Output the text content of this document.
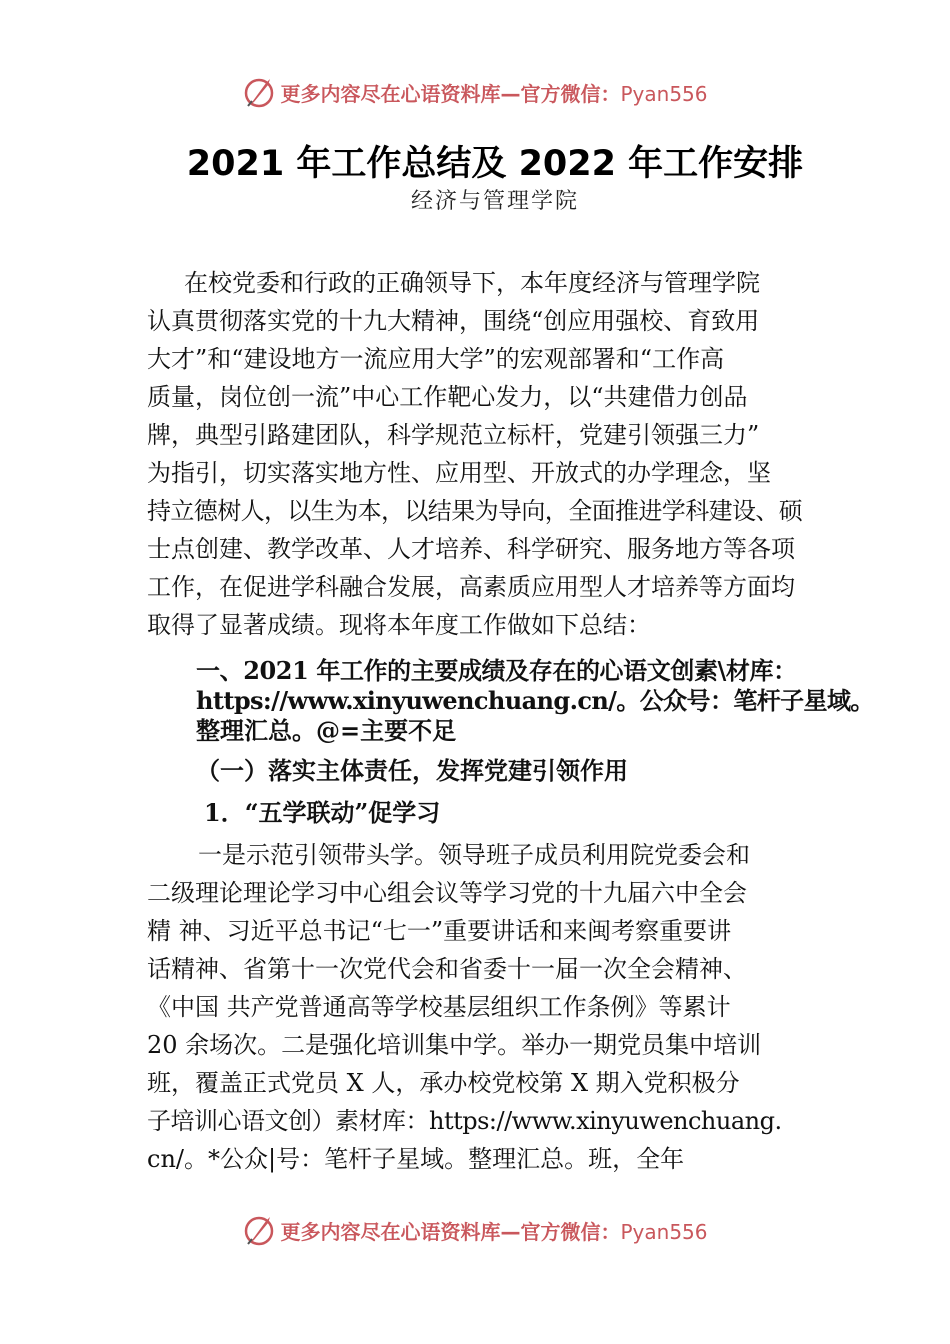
更多内容尽在心语资料库—官方微信：Pyan556
2021 年工作总结及 2022 年工作安排
经济与管理学院
在校党委和行政的正确领导下，本年度经济与管理学院
认真贯彻落实党的十九大精神，围绕“创应用强校、育致用
大才”和“建设地方一流应用大学”的宏观部署和“工作高
质量，岗位创一流”中心工作靶心发力，以“共建借力创品
牌，典型引路建团队，科学规范立标杆，党建引领强三力”
为指引，切实落实地方性、应用型、开放式的办学理念，坚
持立德树人，以生为本，以结果为导向，全面推进学科建设、硕
士点创建、教学改革、人才培养、科学研究、服务地方等各项
工作，在促进学科融合发展，高素质应用型人才培养等方面均
取得了显著成绩。现将本年度工作做如下总结：
一、2021 年工作的主要成绩及存在的心语文创素\材库：
https://www.xinyuwenchuang.cn/。公众号：笔杆子星域。
整理汇总。@=主要不足
（一）落实主体责任，发挥党建引领作用
1．“五学联动”促学习
一是示范引领带头学。领导班子成员利用院党委会和
二级理论理论学习中心组会议等学习党的十九届六中全会
精 神、习近平总书记“七一”重要讲话和来闽考察重要讲
话精神、省第十一次党代会和省委十一届一次全会精神、
《中国 共产党普通高等学校基层组织工作条例》等累计
20 余场次。二是强化培训集中学。举办一期党员集中培训
班，覆盖正式党员 X 人，承办校党校第 X 期入党积极分
子培训心语文创）素材库：https://www.xinyuwenchuang.
cn/。*公众|号：笔杆子星域。整理汇总。班，全年
更多内容尽在心语资料库—官方微信：Pyan556
